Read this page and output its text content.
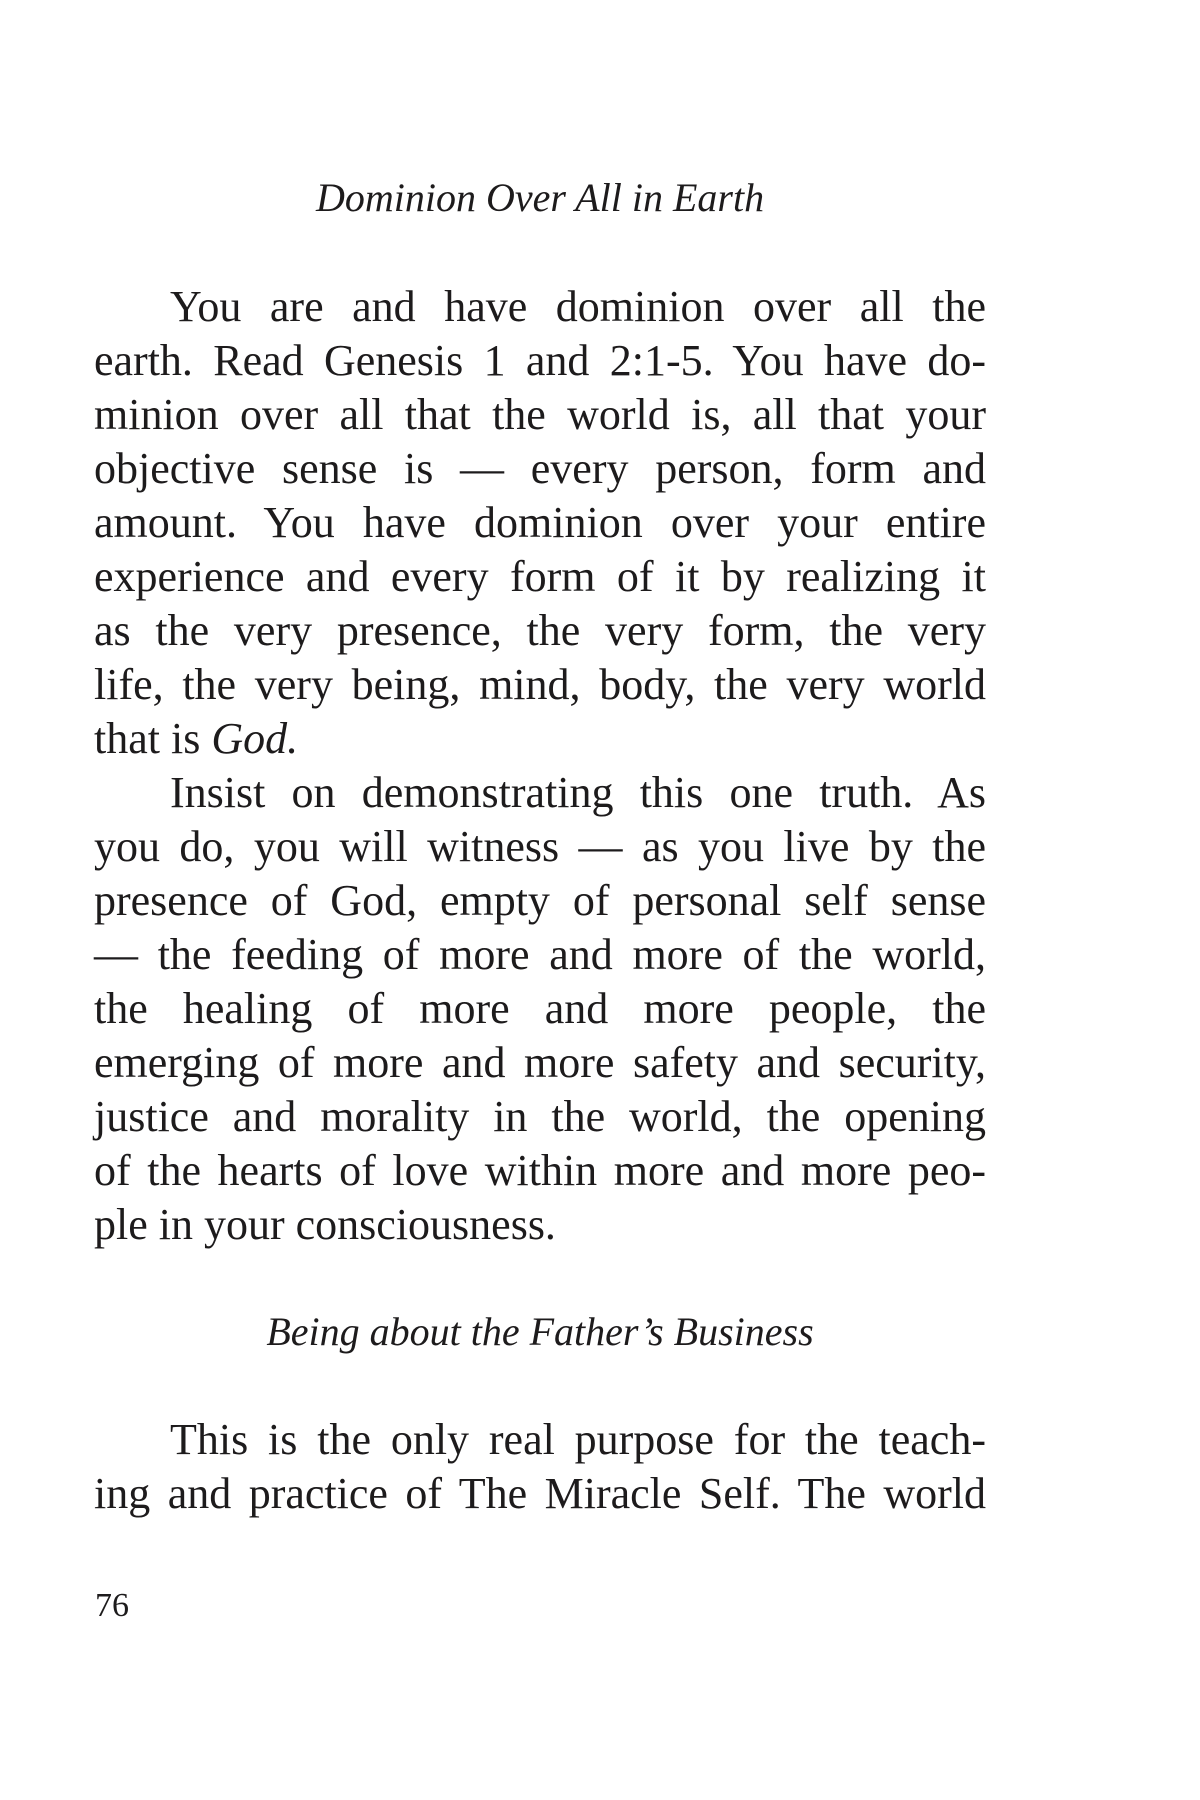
Dominion Over All in Earth
You are and have dominion over all the
earth. Read Genesis 1 and 2:1-5. You have do-
minion over all that the world is, all that your
objective sense is — every person, form and
amount. You have dominion over your entire
experience and every form of it by realizing it
as the very presence, the very form, the very
life, the very being, mind, body, the very world
that is God.
Insist on demonstrating this one truth. As
you do, you will witness — as you live by the
presence of God, empty of personal self sense
— the feeding of more and more of the world,
the healing of more and more people, the
emerging of more and more safety and security,
justice and morality in the world, the opening
of the hearts of love within more and more peo-
ple in your consciousness.
Being about the Father’s Business
This is the only real purpose for the teach-
ing and practice of The Miracle Self. The world
76
